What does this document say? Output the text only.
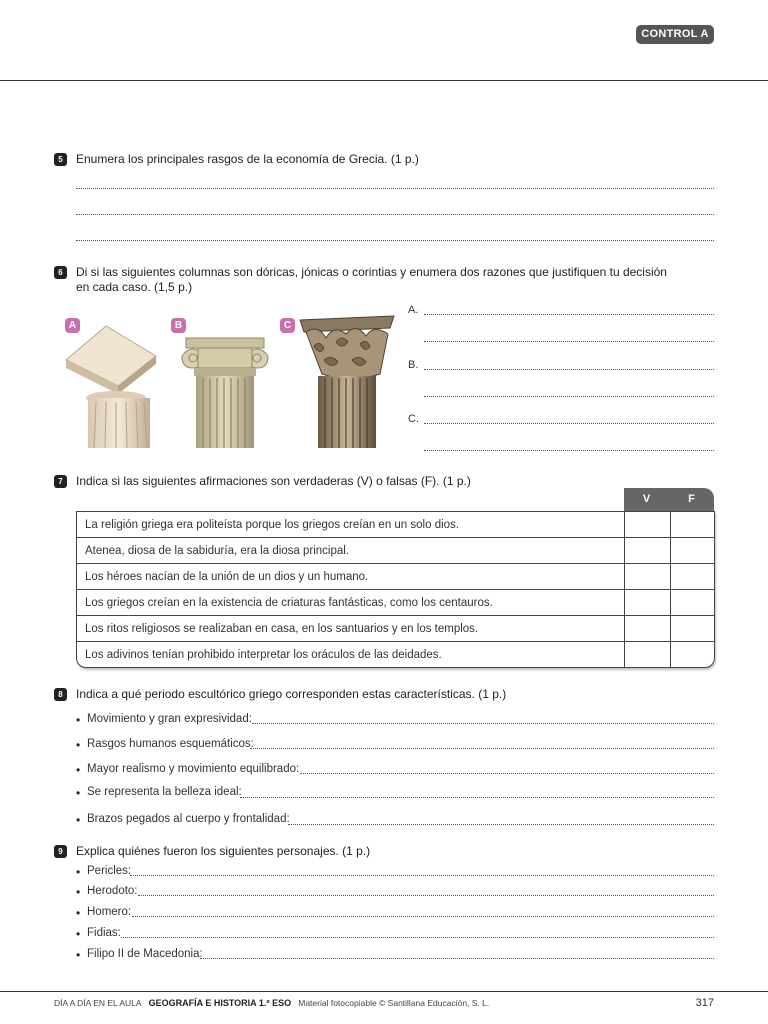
CONTROL A
5	Enumera los principales rasgos de la economía de Grecia. (1 p.)
6	Di si las siguientes columnas son dóricas, jónicas o corintias y enumera dos razones que justifiquen tu decisión
en cada caso. (1,5 p.)
A	B	C
A.
B.
C.
7	Indica si las siguientes afirmaciones son verdaderas (V) o falsas (F). (1 p.)
V	F
La religión griega era politeísta porque los griegos creían en un solo dios.
Atenea, diosa de la sabiduría, era la diosa principal.
Los héroes nacían de la unión de un dios y un humano.
Los griegos creían en la existencia de criaturas fantásticas, como los centauros.
Los ritos religiosos se realizaban en casa, en los santuarios y en los templos.
Los adivinos tenían prohibido interpretar los oráculos de las deidades.
8	Indica a qué periodo escultórico griego corresponden estas características. (1 p.)
• Movimiento y gran expresividad:
• Rasgos humanos esquemáticos:
• Mayor realismo y movimiento equilibrado:
• Se representa la belleza ideal:
• Brazos pegados al cuerpo y frontalidad:
9	Explica quiénes fueron los siguientes personajes. (1 p.)
• Pericles:
• Herodoto:
• Homero:
• Fidias:
• Filipo II de Macedonia:
DÍA A DÍA EN EL AULA GEOGRAFÍA E HISTORIA 1.º ESO Material fotocopiable © Santillana Educación, S. L.	317
